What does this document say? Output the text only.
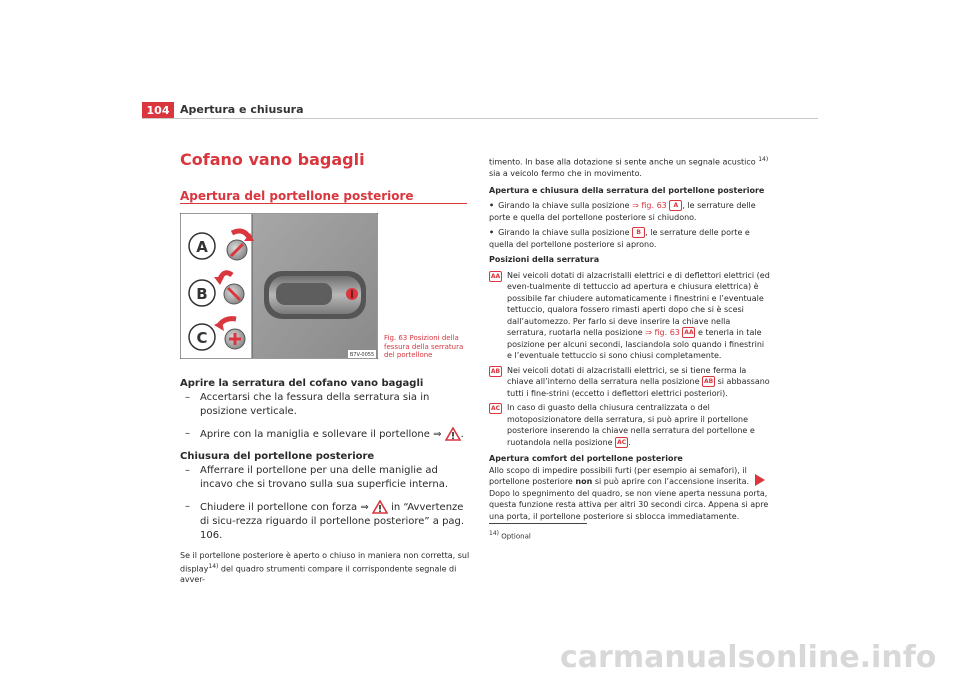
104 Apertura e chiusura
Cofano vano bagagli
Apertura del portellone posteriore
A
B
C
B7V-0055
Fig. 63 Posizioni della fessura della serratura del portellone

Aprire la serratura del cofano vano bagagli

– Accertarsi che la fessura della serratura sia in posizione verticale.

– Aprire con la maniglia e sollevare il portellone ⇒ .

Chiusura del portellone posteriore

– Afferrare il portellone per una delle maniglie ad incavo che si trovano sulla sua superficie interna.

– Chiudere il portellone con forza ⇒  in “Avvertenze di sicu-rezza riguardo il portellone posteriore” a pag. 106.

Se il portellone posteriore è aperto o chiuso in maniera non corretta, sul display$^{14)}$ del quadro strumenti compare il corrispondente segnale di avver-

timento. In base alla dotazione si sente anche un segnale acustico $^{14)}$ sia a veicolo fermo che in movimento.

Apertura e chiusura della serratura del portellone posteriore

• Girando la chiave sulla posizione ⇒ fig. 63 A , le serrature delle porte e quella del portellone posteriore si chiudono.

• Girando la chiave sulla posizione B , le serrature delle porte e quella del portellone posteriore si aprono.

Posizioni della serratura

AA Nei veicoli dotati di alzacristalli elettrici e di deflettori elettrici (ed even-tualmente di tettuccio ad apertura e chiusura elettrica) è possibile far chiudere automaticamente i finestrini e l’eventuale tettuccio, qualora fossero rimasti aperti dopo che si è scesi dall’automezzo. Per farlo si deve inserire la chiave nella serratura, ruotarla nella posizione ⇒ fig. 63 AA e tenerla in tale posizione per alcuni secondi, lasciandola solo quando i finestrini e l’eventuale tettuccio si sono chiusi completamente.

AB Nei veicoli dotati di alzacristalli elettrici, se si tiene ferma la chiave all’interno della serratura nella posizione AB si abbassano tutti i fine-strini (eccetto i deflettori elettrici posteriori).

AC In caso di guasto della chiusura centralizzata o del motoposizionatore della serratura, si può aprire il portellone posteriore inserendo la chiave nella serratura del portellone e ruotandola nella posizione AC .

Apertura comfort del portellone posteriore

Allo scopo di impedire possibili furti (per esempio ai semafori), il portellone posteriore non si può aprire con l’accensione inserita. Dopo lo spegnimento del quadro, se non viene aperta nessuna porta, questa funzione resta attiva per altri 30 secondi circa. Appena si apre una porta, il portellone posteriore si sblocca immediatamente.

$^{14)}$ Optional
carmanualsonline.info
